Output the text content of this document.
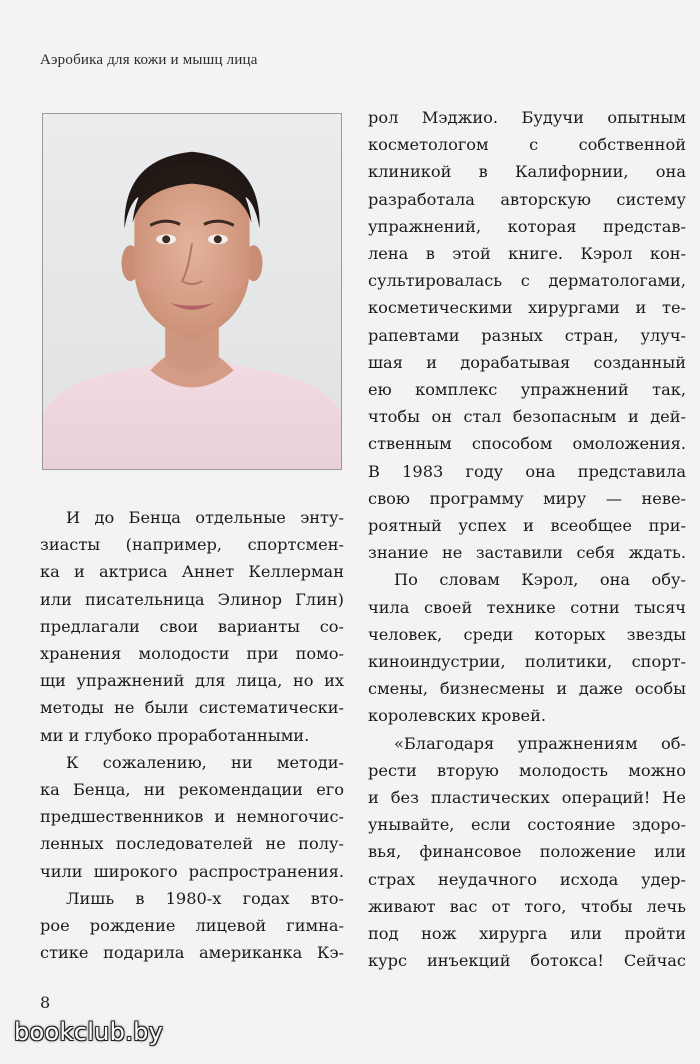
Аэробика для кожи и мышц лица
И до Бенца отдельные энту-
зиасты (например, спортсмен-
ка и актриса Аннет Келлерман
или писательница Элинор Глин)
предлагали свои варианты со-
хранения молодости при помо-
щи упражнений для лица, но их
методы не были систематически-
ми и глубоко проработанными.
К сожалению, ни методи-
ка Бенца, ни рекомендации его
предшественников и немногочис-
ленных последователей не полу-
чили широкого распространения.
Лишь в 1980-х годах вто-
рое рождение лицевой гимна-
стике подарила американка Кэ-
рол Мэджио. Будучи опытным
косметологом с собственной
клиникой в Калифорнии, она
разработала авторскую систему
упражнений, которая представ-
лена в этой книге. Кэрол кон-
сультировалась с дерматологами,
косметическими хирургами и те-
рапевтами разных стран, улуч-
шая и дорабатывая созданный
ею комплекс упражнений так,
чтобы он стал безопасным и дей-
ственным способом омоложения.
В 1983 году она представила
свою программу миру — неве-
роятный успех и всеобщее при-
знание не заставили себя ждать.
По словам Кэрол, она обу-
чила своей технике сотни тысяч
человек, среди которых звезды
киноиндустрии, политики, спорт-
смены, бизнесмены и даже особы
королевских кровей.
«Благодаря упражнениям об-
рести вторую молодость можно
и без пластических операций! Не
унывайте, если состояние здоро-
вья, финансовое положение или
страх неудачного исхода удер-
живают вас от того, чтобы лечь
под нож хирурга или пройти
курс инъекций ботокса! Сейчас
8
bookclub.by
